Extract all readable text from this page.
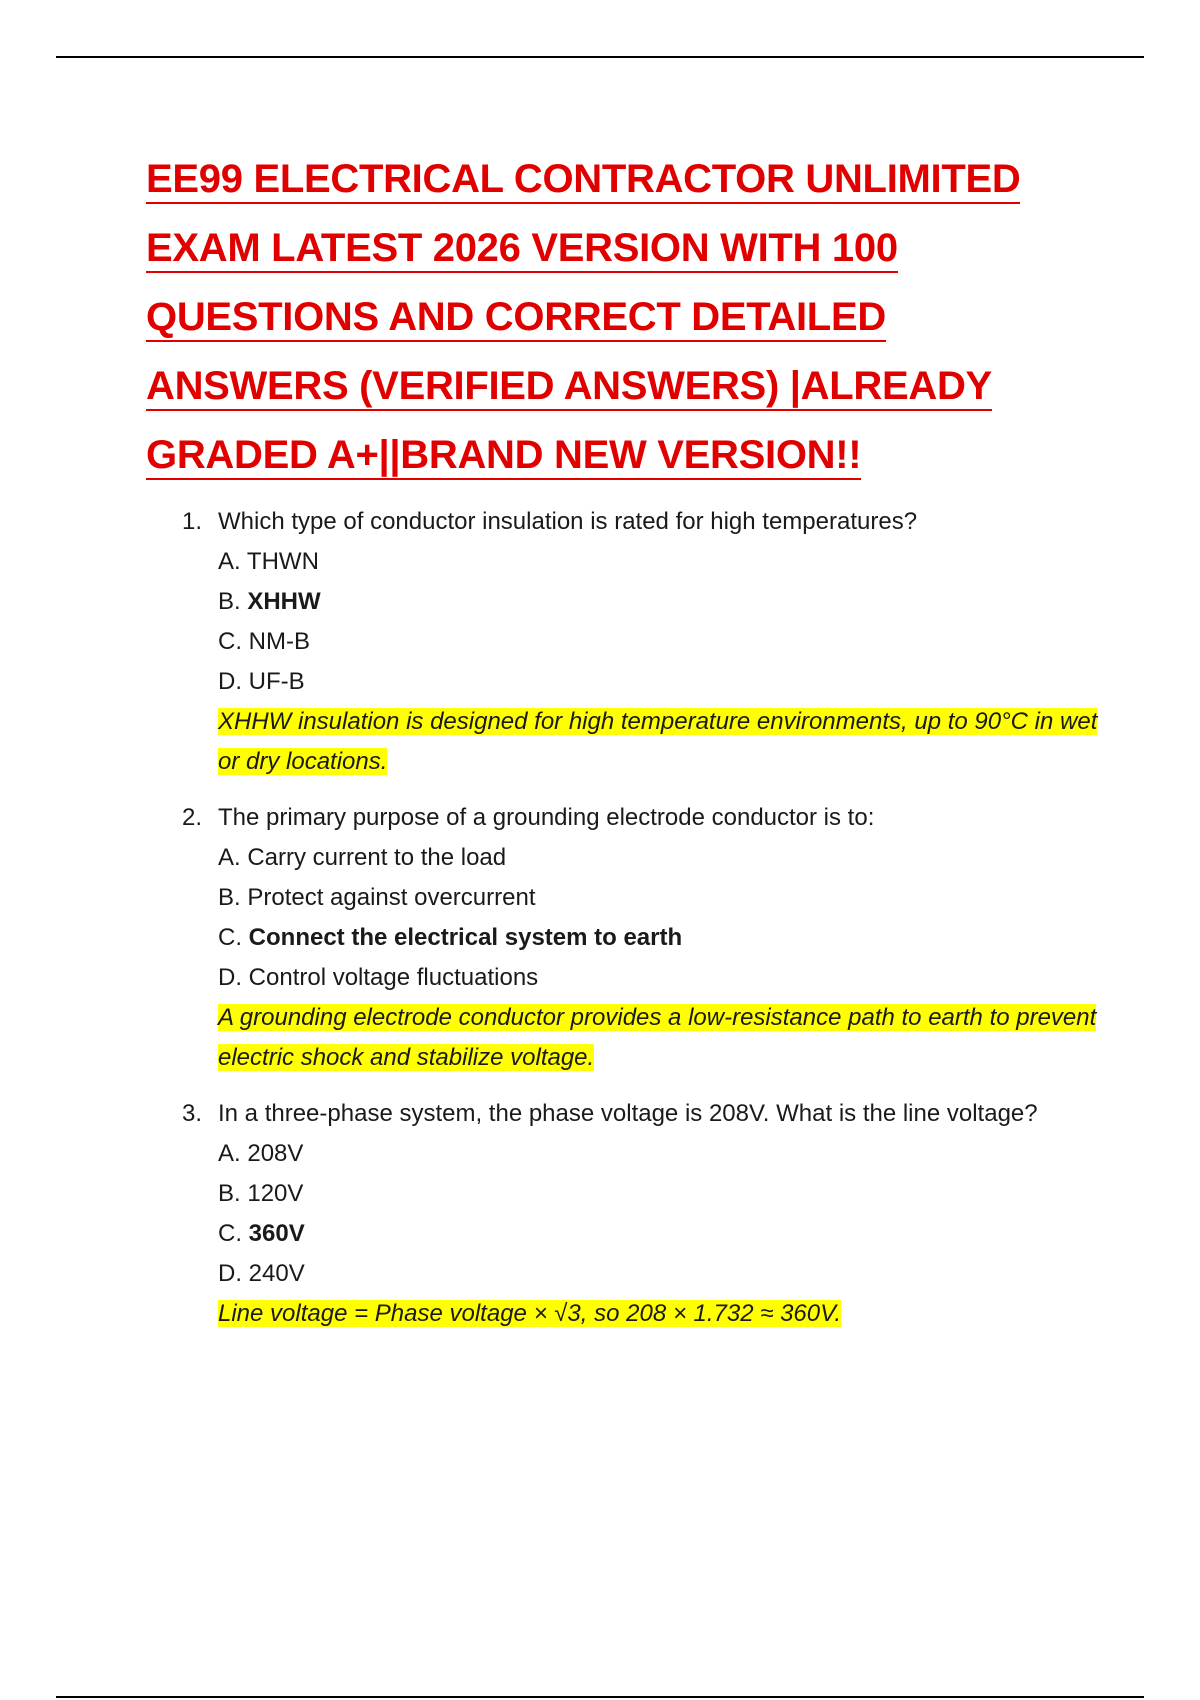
EE99 ELECTRICAL CONTRACTOR UNLIMITED
EXAM LATEST 2026 VERSION WITH 100
QUESTIONS AND CORRECT DETAILED
ANSWERS (VERIFIED ANSWERS) |ALREADY
GRADED A+||BRAND NEW VERSION!!
1. Which type of conductor insulation is rated for high temperatures?
A. THWN
B. XHHW
C. NM-B
D. UF-B
XHHW insulation is designed for high temperature environments, up to 90°C in wet or dry locations.
2. The primary purpose of a grounding electrode conductor is to:
A. Carry current to the load
B. Protect against overcurrent
C. Connect the electrical system to earth
D. Control voltage fluctuations
A grounding electrode conductor provides a low-resistance path to earth to prevent electric shock and stabilize voltage.
3. In a three-phase system, the phase voltage is 208V. What is the line voltage?
A. 208V
B. 120V
C. 360V
D. 240V
Line voltage = Phase voltage × √3, so 208 × 1.732 ≈ 360V.
